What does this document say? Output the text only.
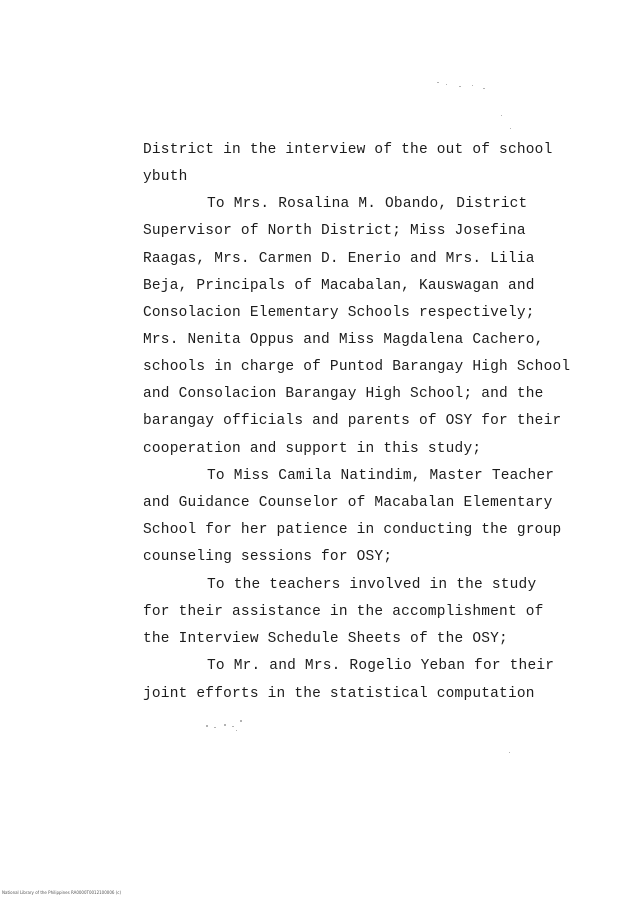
District in the interview of the out of school
ybuth
To Mrs. Rosalina M. Obando, District
Supervisor of North District; Miss Josefina
Raagas, Mrs. Carmen D. Enerio and Mrs. Lilia
Beja, Principals of Macabalan, Kauswagan and
Consolacion Elementary Schools respectively;
Mrs. Nenita Oppus and Miss Magdalena Cachero,
schools in charge of Puntod Barangay High School
and Consolacion Barangay High School; and the
barangay officials and parents of OSY for their
cooperation and support in this study;
To Miss Camila Natindim, Master Teacher
and Guidance Counselor of Macabalan Elementary
School for her patience in conducting the group
counseling sessions for OSY;
To the teachers involved in the study
for their assistance in the accomplishment of
the Interview Schedule Sheets of the OSY;
To Mr. and Mrs. Rogelio Yeban for their
joint efforts in the statistical computation
National Library of the Philippines RA0000T0012100006 (c)
